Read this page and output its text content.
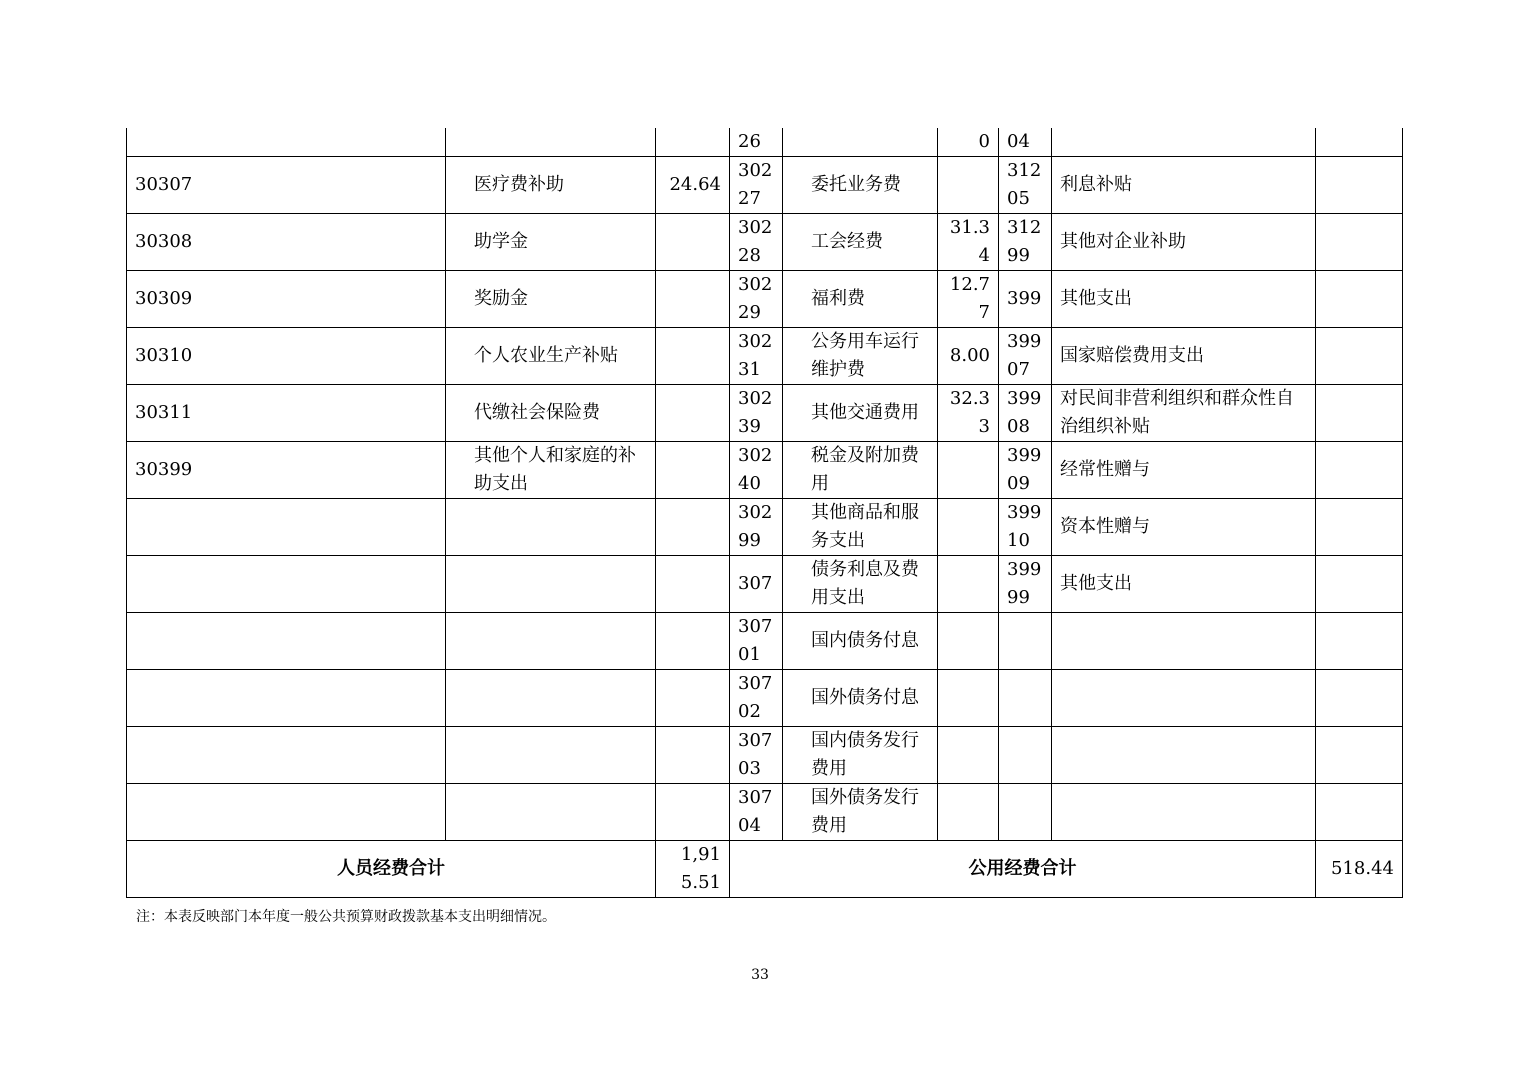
			26		0	04		
30307	医疗费补助	24.64	30227	委托业务费		31205	利息补贴	
30308	助学金		30228	工会经费	31.34	31299	其他对企业补助	
30309	奖励金		30229	福利费	12.77	399	其他支出	
30310	个人农业生产补贴		30231	公务用车运行维护费	8.00	39907	国家赔偿费用支出	
30311	代缴社会保险费		30239	其他交通费用	32.33	39908	对民间非营利组织和群众性自治组织补贴	
30399	其他个人和家庭的补助支出		30240	税金及附加费用		39909	经常性赠与	
			30299	其他商品和服务支出		39910	资本性赠与	
			307	债务利息及费用支出		39999	其他支出	
			30701	国内债务付息				
			30702	国外债务付息				
			30703	国内债务发行费用				
			30704	国外债务发行费用				
人员经费合计		1,915.51	公用经费合计					518.44
注：本表反映部门本年度一般公共预算财政拨款基本支出明细情况。
33
